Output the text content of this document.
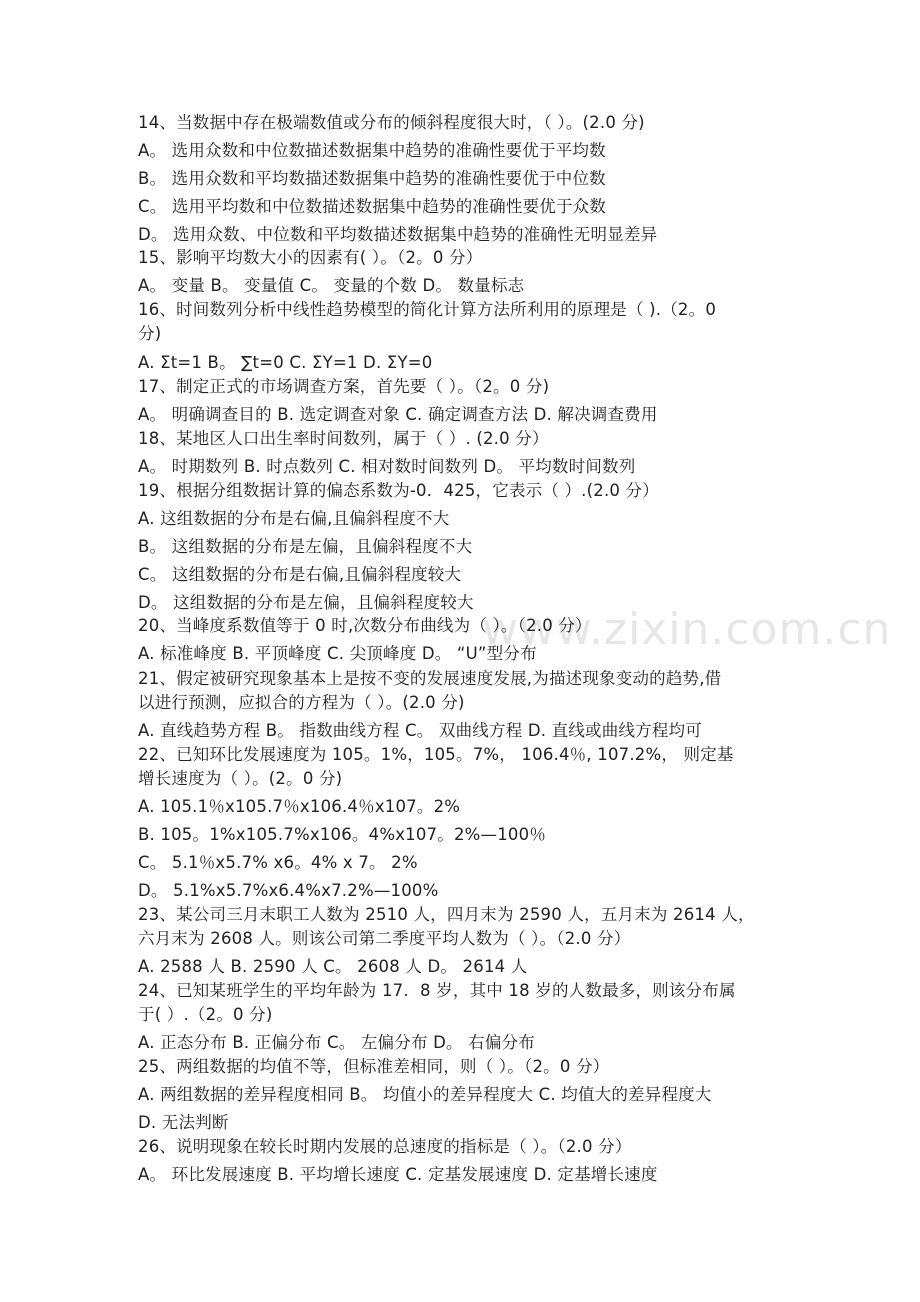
www.zixin.com.cn
14、当数据中存在极端数值或分布的倾斜程度很大时，（ ）。(2.0 分)
A。 选用众数和中位数描述数据集中趋势的准确性要优于平均数
B。 选用众数和平均数描述数据集中趋势的准确性要优于中位数
C。 选用平均数和中位数描述数据集中趋势的准确性要优于众数
D。 选用众数、中位数和平均数描述数据集中趋势的准确性无明显差异
15、影响平均数大小的因素有( ）。（2。0 分）
A。 变量 B。 变量值 C。 变量的个数 D。 数量标志
16、时间数列分析中线性趋势模型的简化计算方法所利用的原理是（ ).（2。0
分)
A. Σt=1 B。 ∑t=0 C. ΣY=1 D. ΣY=0
17、制定正式的市场调查方案，首先要（ ）。（2。0 分)
A。 明确调查目的 B. 选定调查对象 C. 确定调查方法 D. 解决调查费用
18、某地区人口出生率时间数列，属于（ ）. (2.0 分）
A。 时期数列 B. 时点数列 C. 相对数时间数列 D。 平均数时间数列
19、根据分组数据计算的偏态系数为-0．425，它表示（ ）.(2.0 分）
A. 这组数据的分布是右偏,且偏斜程度不大
B。 这组数据的分布是左偏，且偏斜程度不大
C。 这组数据的分布是右偏,且偏斜程度较大
D。 这组数据的分布是左偏，且偏斜程度较大
20、当峰度系数值等于 0 时,次数分布曲线为（ ）。（2.0 分）
A. 标准峰度 B. 平顶峰度 C. 尖顶峰度 D。 “U”型分布
21、假定被研究现象基本上是按不变的发展速度发展,为描述现象变动的趋势,借
以进行预测，应拟合的方程为（ ）。(2.0 分)
A. 直线趋势方程 B。 指数曲线方程 C。 双曲线方程 D. 直线或曲线方程均可
22、已知环比发展速度为 105。1%，105。7%， 106.4％, 107.2%， 则定基
增长速度为（ ）。(2。0 分)
A. 105.1％x105.7％x106.4％x107。2%
B. 105。1%x105.7%x106。4%x107。2%—100％
C。 5.1％x5.7% x6。4% x 7。 2%
D。 5.1%x5.7%x6.4%x7.2%—100%
23、某公司三月末职工人数为 2510 人，四月末为 2590 人，五月末为 2614 人，
六月末为 2608 人。则该公司第二季度平均人数为（ ）。（2.0 分）
A. 2588 人 B. 2590 人 C。 2608 人 D。 2614 人
24、已知某班学生的平均年龄为 17．8 岁，其中 18 岁的人数最多，则该分布属
于( ）.（2。0 分)
A. 正态分布 B. 正偏分布 C。 左偏分布 D。 右偏分布
25、两组数据的均值不等，但标准差相同，则（ ）。（2。0 分）
A. 两组数据的差异程度相同 B。 均值小的差异程度大 C. 均值大的差异程度大
D. 无法判断
26、说明现象在较长时期内发展的总速度的指标是（ ）。（2.0 分）
A。 环比发展速度 B. 平均增长速度 C. 定基发展速度 D. 定基增长速度
